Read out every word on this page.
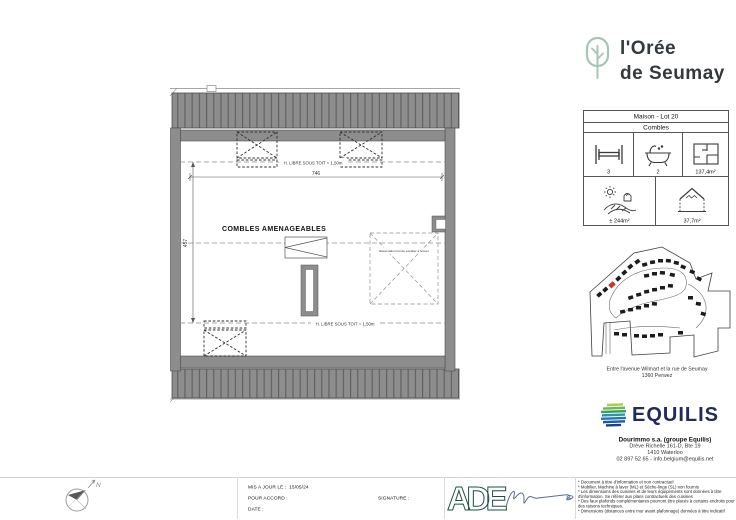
H. LIBRE SOUS TOIT = 1,50m
H. LIBRE SOUS TOIT = 1,50m
746
457
COMBLES AMENAGEABLES
Réservation trémie escalier à fermer
l'Orée
de Seumay
Maison - Lot 20
Combles
3	2	137,4m²
± 244m²	37,7m²
Entre l'avenue Wilmart et la rue de Seumay
1360 Perwez
EQUILIS
Dourimmo s.a. (groupe Equilis)
Drève Richelle 161-D, Bte 19
1410 Waterloo
02 897 52 65 - info.belgium@equilis.net
* Document à titre d'information et non contractuel
* Mobilier, Machine à laver (ML) et Sèche-linge (SL) non fournis
* Les dimensions des cuisines et de leurs équipements sont données à titre
d'information. Se référer aux plans contractuels des cuisines
* Des faux plafonds complémentaires pourront être placés à certains endroits pour
des raisons techniques.
* Dimensions (distances entre mur avant plafonnage) données à titre indicatif
N	MIS A JOUR LE : 15/05/24
POUR ACCORD :
DATE :
SIGNATURE :	ADE
